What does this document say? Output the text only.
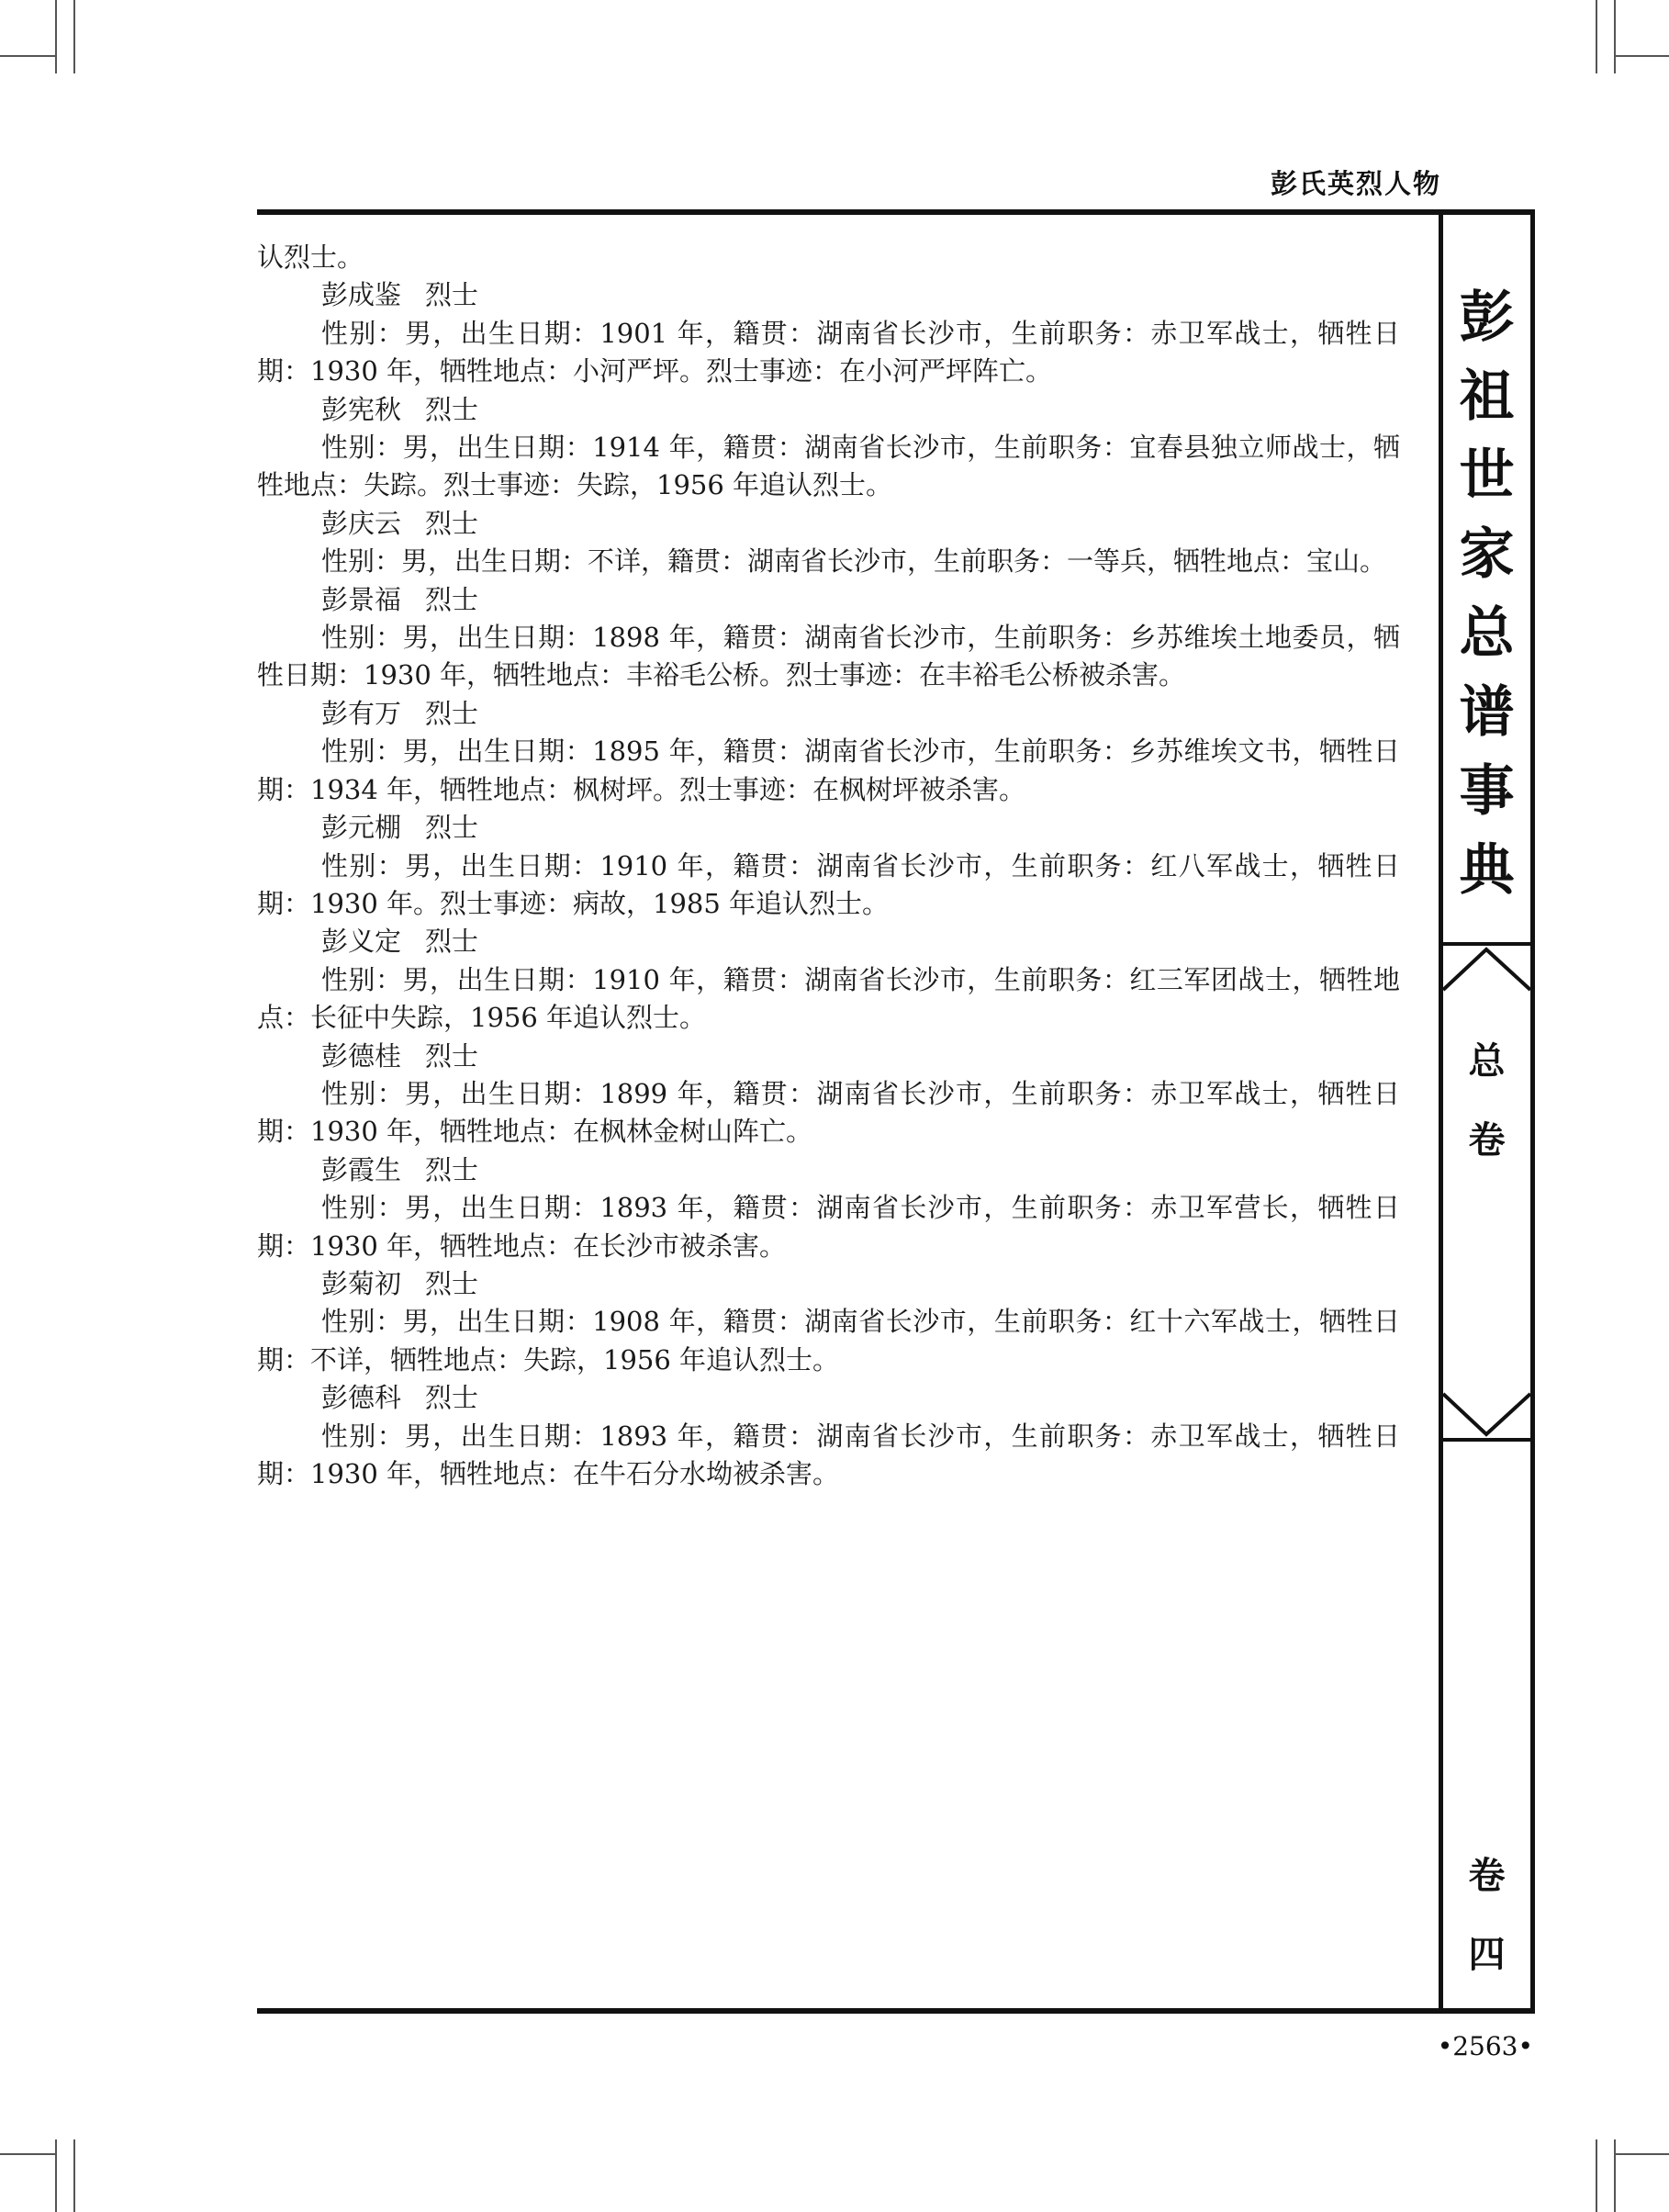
彭氏英烈人物
彭
祖
世
家
总
谱
事
典
总
卷
卷
四

认烈士。

彭成鉴 烈士

性别：男，出生日期：1901 年，籍贯：湖南省长沙市，生前职务：赤卫军战士，牺牲日期：1930 年，牺牲地点：小河严坪。烈士事迹：在小河严坪阵亡。

彭宪秋 烈士

性别：男，出生日期：1914 年，籍贯：湖南省长沙市，生前职务：宜春县独立师战士，牺牲地点：失踪。烈士事迹：失踪，1956 年追认烈士。

彭庆云 烈士

性别：男，出生日期：不详，籍贯：湖南省长沙市，生前职务：一等兵，牺牲地点：宝山。

彭景福 烈士

性别：男，出生日期：1898 年，籍贯：湖南省长沙市，生前职务：乡苏维埃土地委员，牺牲日期：1930 年，牺牲地点：丰裕毛公桥。烈士事迹：在丰裕毛公桥被杀害。

彭有万 烈士

性别：男，出生日期：1895 年，籍贯：湖南省长沙市，生前职务：乡苏维埃文书，牺牲日期：1934 年，牺牲地点：枫树坪。烈士事迹：在枫树坪被杀害。

彭元棚 烈士

性别：男，出生日期：1910 年，籍贯：湖南省长沙市，生前职务：红八军战士，牺牲日期：1930 年。烈士事迹：病故，1985 年追认烈士。

彭义定 烈士

性别：男，出生日期：1910 年，籍贯：湖南省长沙市，生前职务：红三军团战士，牺牲地点：长征中失踪，1956 年追认烈士。

彭德桂 烈士

性别：男，出生日期：1899 年，籍贯：湖南省长沙市，生前职务：赤卫军战士，牺牲日期：1930 年，牺牲地点：在枫林金树山阵亡。

彭霞生 烈士

性别：男，出生日期：1893 年，籍贯：湖南省长沙市，生前职务：赤卫军营长，牺牲日期：1930 年，牺牲地点：在长沙市被杀害。

彭菊初 烈士

性别：男，出生日期：1908 年，籍贯：湖南省长沙市，生前职务：红十六军战士，牺牲日期：不详，牺牲地点：失踪，1956 年追认烈士。

彭德科 烈士

性别：男，出生日期：1893 年，籍贯：湖南省长沙市，生前职务：赤卫军战士，牺牲日期：1930 年，牺牲地点：在牛石分水坳被杀害。

•2563•
